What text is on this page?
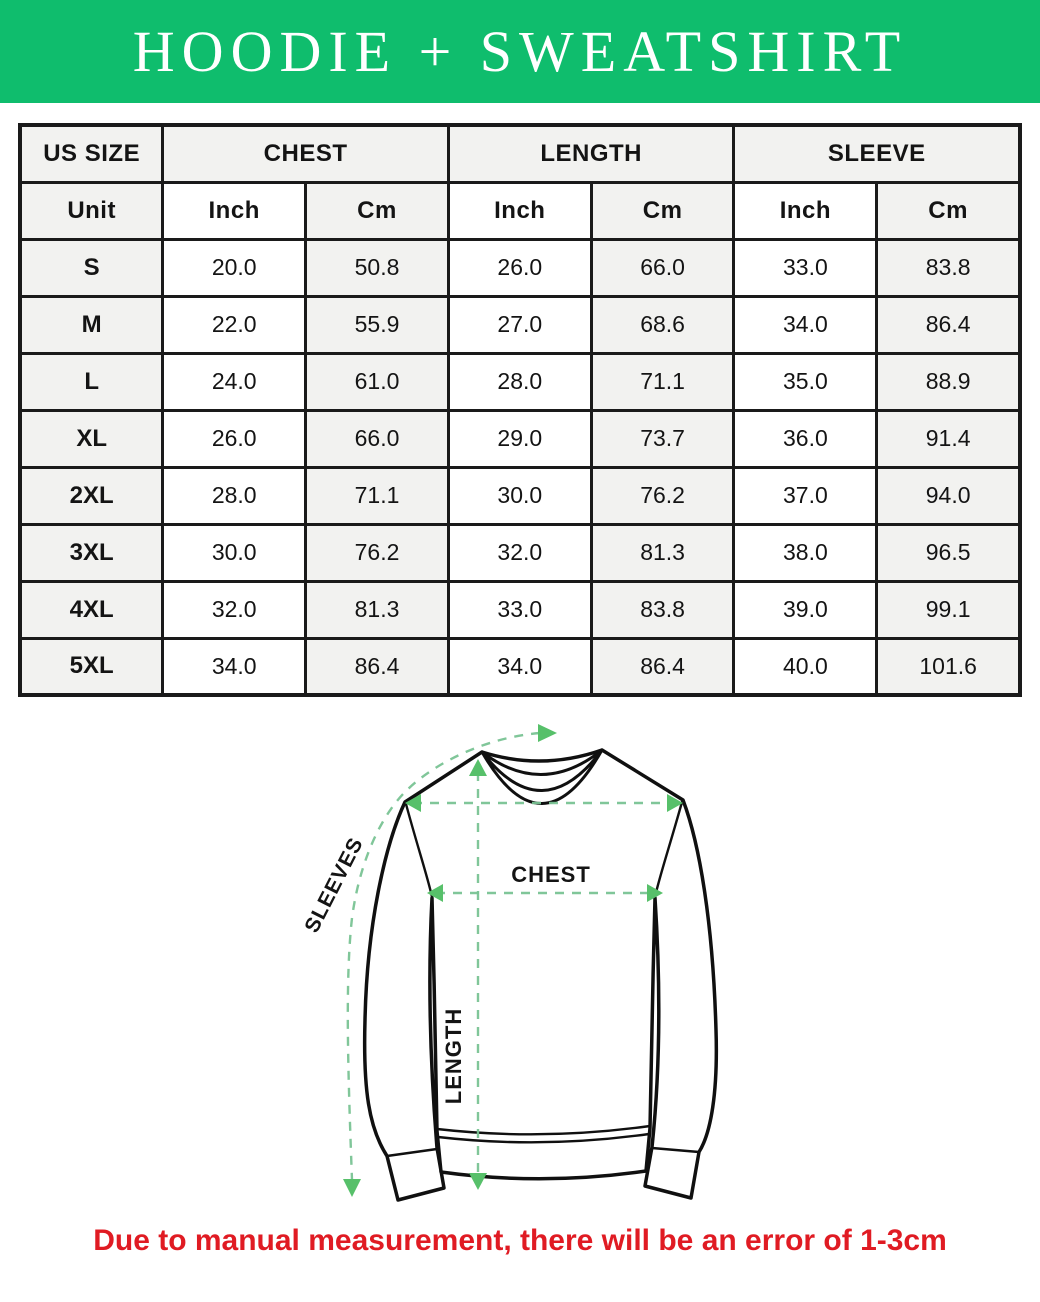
HOODIE + SWEATSHIRT
US SIZE	CHEST		LENGTH		SLEEVE	
Unit	Inch	Cm	Inch	Cm	Inch	Cm
S	20.0	50.8	26.0	66.0	33.0	83.8
M	22.0	55.9	27.0	68.6	34.0	86.4
L	24.0	61.0	28.0	71.1	35.0	88.9
XL	26.0	66.0	29.0	73.7	36.0	91.4
2XL	28.0	71.1	30.0	76.2	37.0	94.0
3XL	30.0	76.2	32.0	81.3	38.0	96.5
4XL	32.0	81.3	33.0	83.8	39.0	99.1
5XL	34.0	86.4	34.0	86.4	40.0	101.6
CHEST
LENGTH
SLEEVES
Due to manual measurement, there will be an error of 1-3cm
